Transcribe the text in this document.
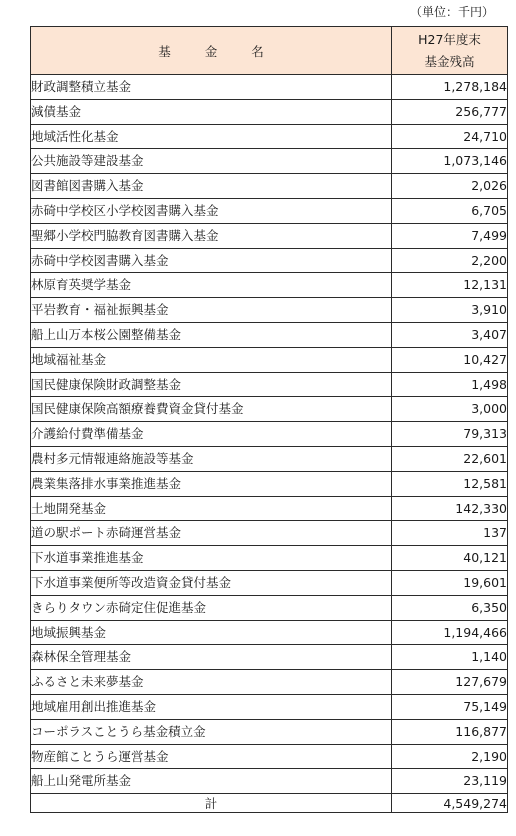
（単位：千円）
基金名	H27年度末
基金残高

財政調整積立基金	1,278,184
減債基金	256,777
地域活性化基金	24,710
公共施設等建設基金	1,073,146
図書館図書購入基金	2,026
赤碕中学校区小学校図書購入基金	6,705
聖郷小学校門脇教育図書購入基金	7,499
赤碕中学校図書購入基金	2,200
林原育英奨学基金	12,131
平岩教育・福祉振興基金	3,910
船上山万本桜公園整備基金	3,407
地域福祉基金	10,427
国民健康保険財政調整基金	1,498
国民健康保険高額療養費資金貸付基金	3,000
介護給付費準備基金	79,313
農村多元情報連絡施設等基金	22,601
農業集落排水事業推進基金	12,581
土地開発基金	142,330
道の駅ポート赤碕運営基金	137
下水道事業推進基金	40,121
下水道事業便所等改造資金貸付基金	19,601
きらりタウン赤碕定住促進基金	6,350
地域振興基金	1,194,466
森林保全管理基金	1,140
ふるさと未来夢基金	127,679
地域雇用創出推進基金	75,149
コーポラスことうら基金積立金	116,877
物産館ことうら運営基金	2,190
船上山発電所基金	23,119
計	4,549,274
